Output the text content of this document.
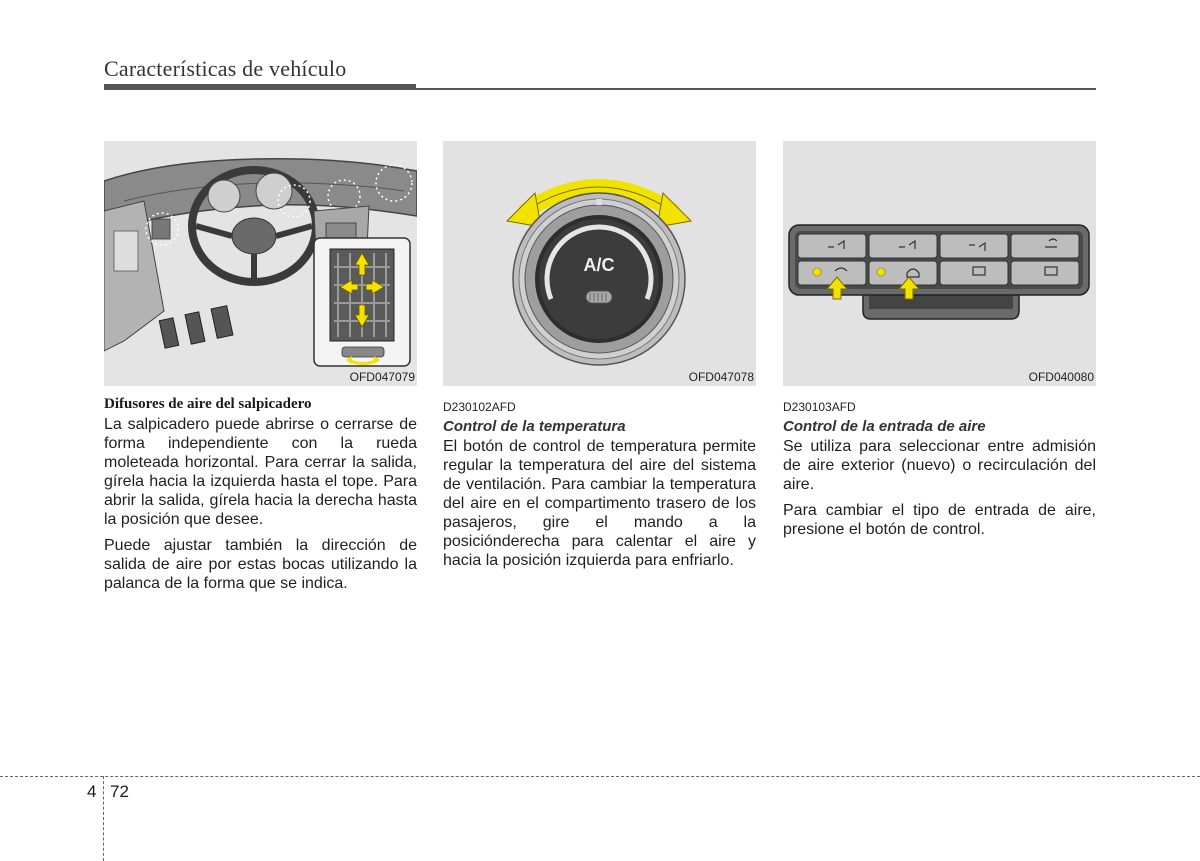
Características de vehículo
OFD047079
Difusores de aire del salpicadero

La salpicadero puede abrirse o cerrarse de forma independiente con la rueda moleteada horizontal. Para cerrar la salida, gírela hacia la izquierda hasta el tope. Para abrir la salida, gírela hacia la derecha hasta la posición que desee.

Puede ajustar también la dirección de salida de aire por estas bocas utilizando la palanca de la forma que se indica.

A/C
OFD047078
D230102AFD
Control de la temperatura

El botón de control de temperatura permite regular la temperatura del aire del sistema de ventilación. Para cambiar la temperatura del aire en el compartimento trasero de los pasajeros, gire el mando a la posiciónderecha para calentar el aire y hacia la posición izquierda para enfriarlo.

OFD040080
D230103AFD
Control de la entrada de aire

Se utiliza para seleccionar entre admisión de aire exterior (nuevo) o recirculación del aire.

Para cambiar el tipo de entrada de aire, presione el botón de control.

4 72
